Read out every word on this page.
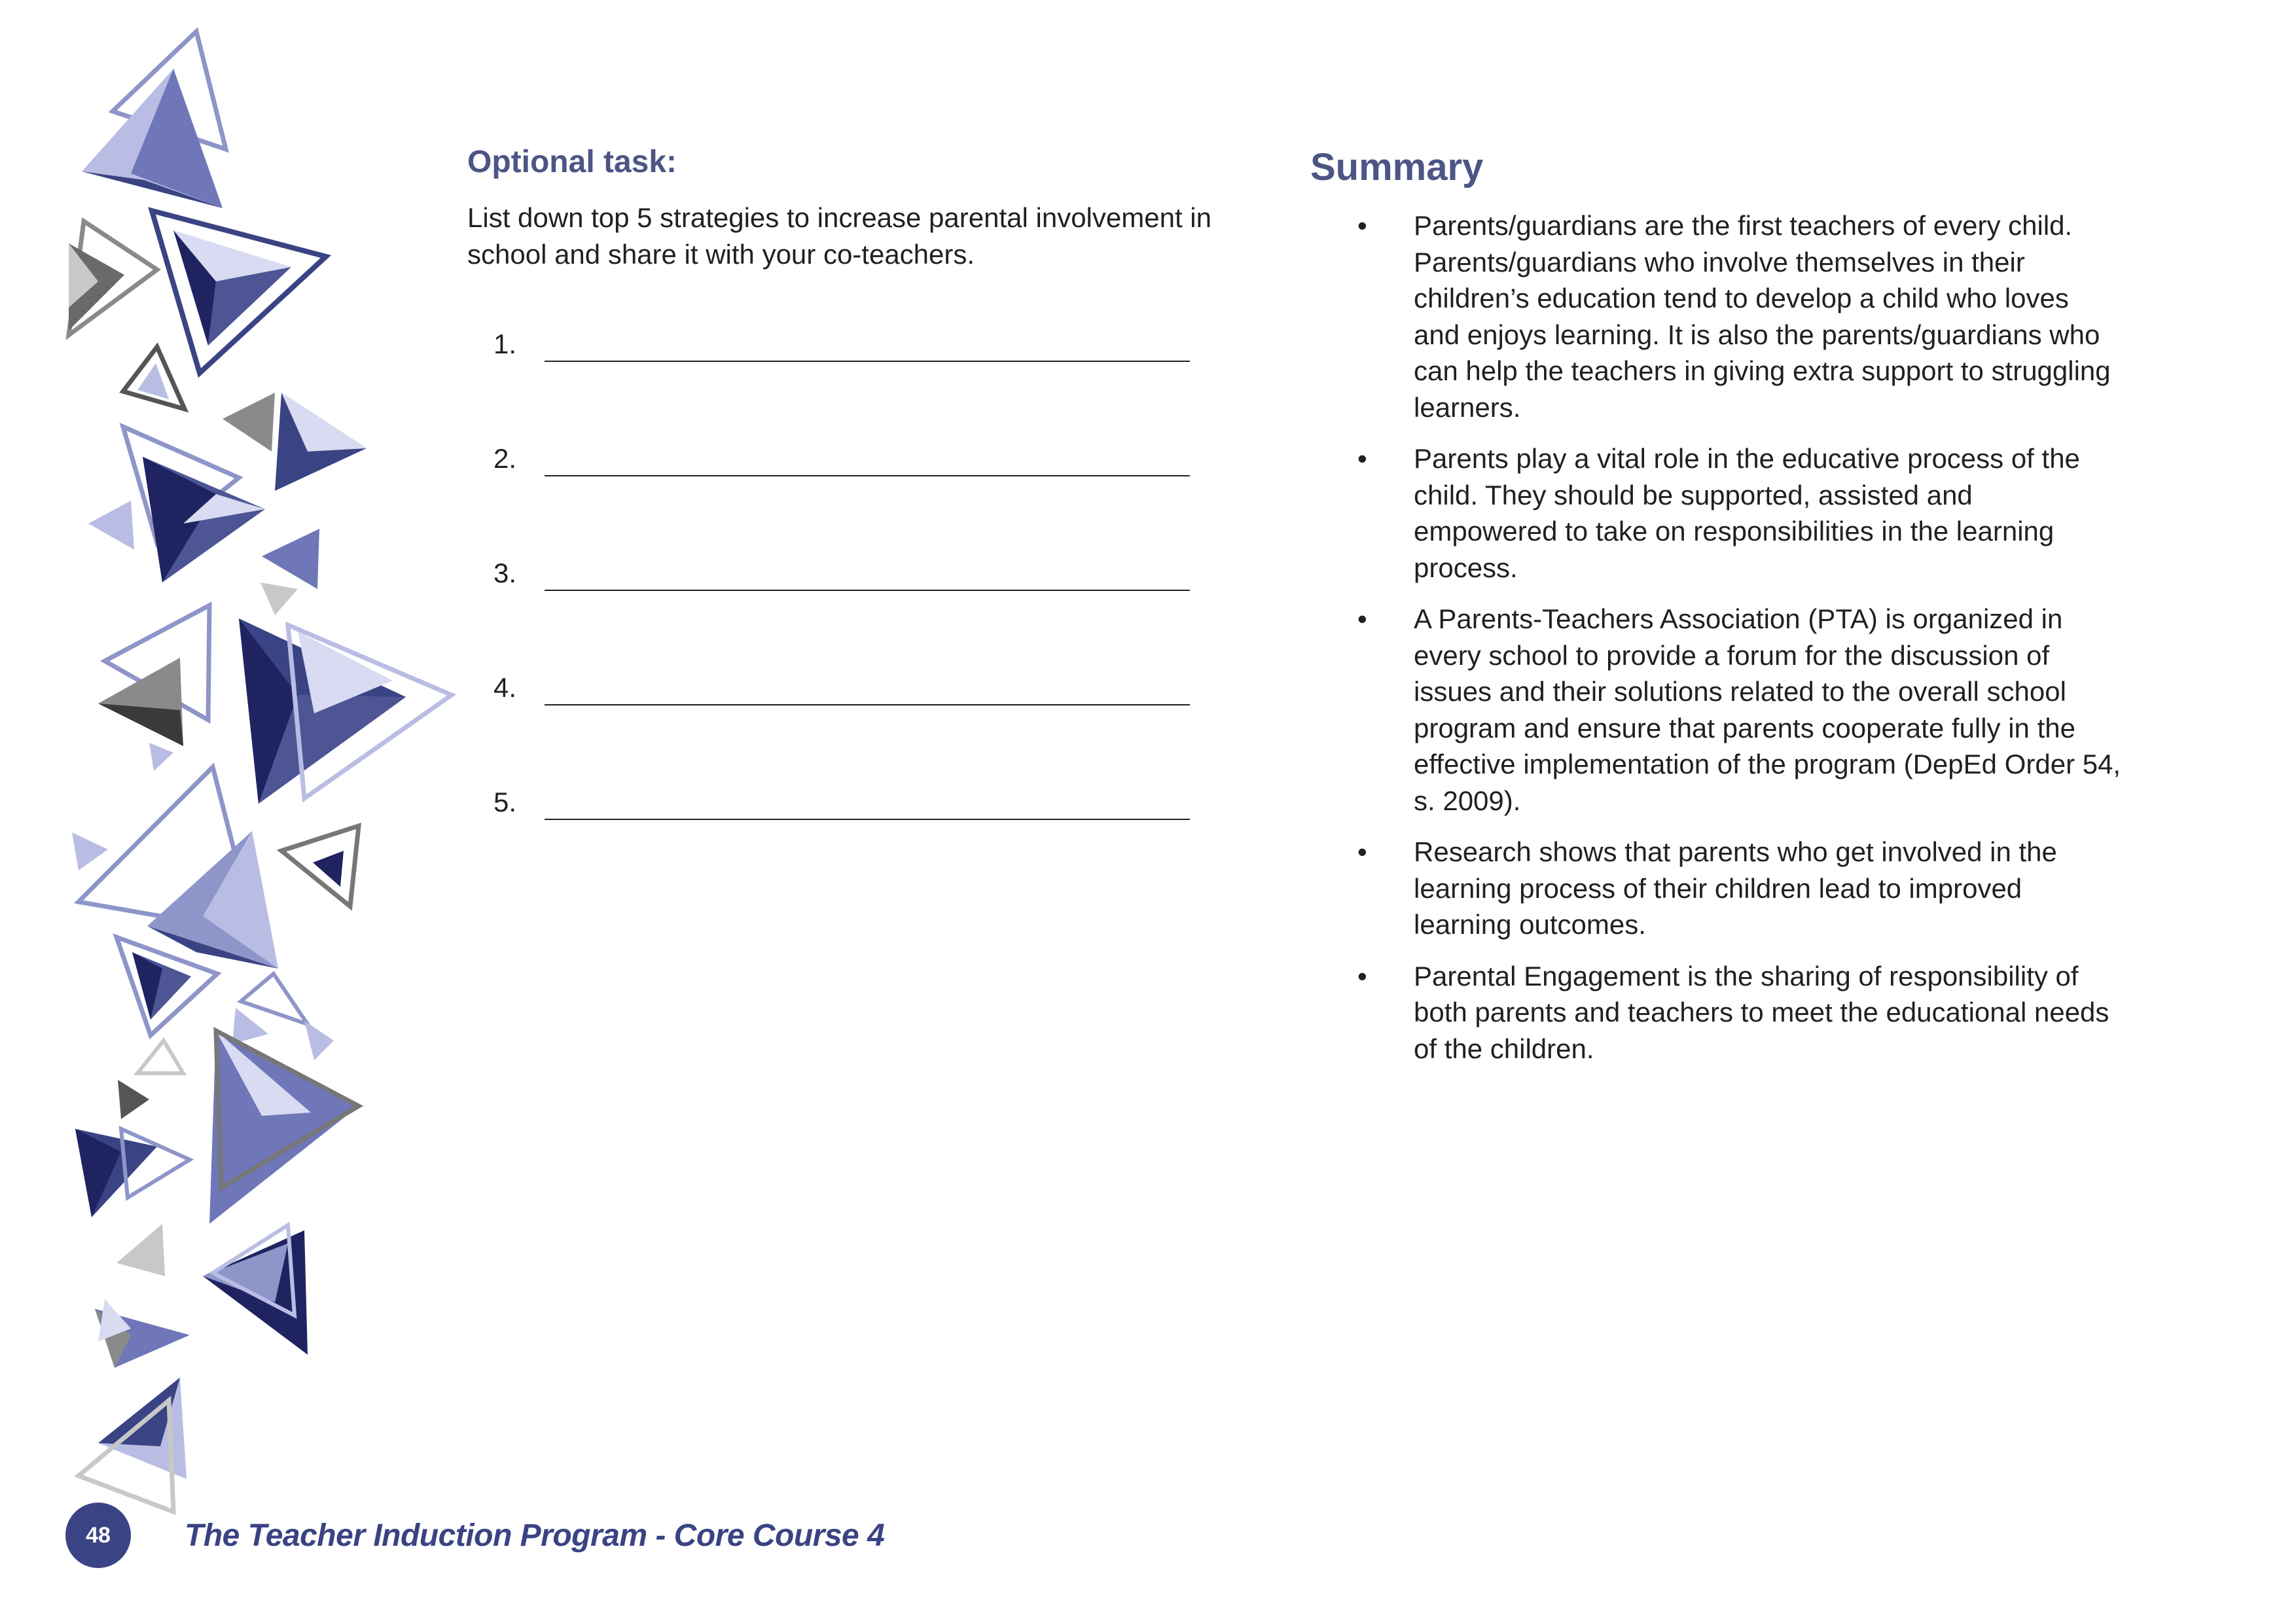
Optional task:

List down top 5 strategies to increase parental involvement in school and share it with your co-teachers.

1.
2.
3.
4.
5.
Summary
• Parents/guardians are the first teachers of every child. Parents/guardians who involve themselves in their children’s education tend to develop a child who loves and enjoys learning. It is also the parents/guardians who can help the teachers in giving extra support to struggling learners.
• Parents play a vital role in the educative process of the child. They should be supported, assisted and empowered to take on responsibilities in the learning process.
• A Parents-Teachers Association (PTA) is organized in every school to provide a forum for the discussion of issues and their solutions related to the overall school program and ensure that parents cooperate fully in the effective implementation of the program (DepEd Order 54, s. 2009).
• Research shows that parents who get involved in the learning process of their children lead to improved learning outcomes.
• Parental Engagement is the sharing of responsibility of both parents and teachers to meet the educational needs of the children.
48	The Teacher Induction Program - Core Course 4
